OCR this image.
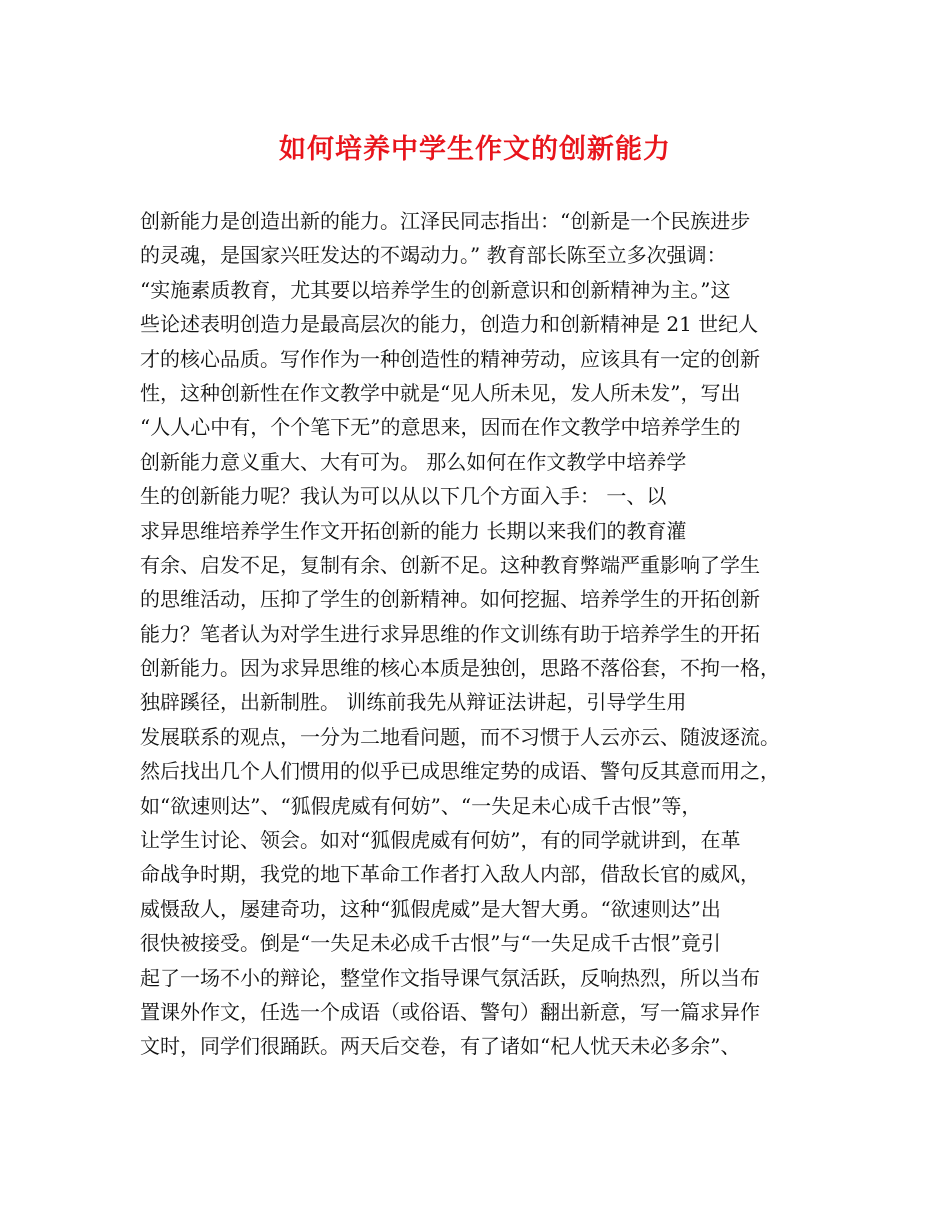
如何培养中学生作文的创新能力
创新能力是创造出新的能力。江泽民同志指出：“创新是一个民族进步
的灵魂，是国家兴旺发达的不竭动力。” 教育部长陈至立多次强调：
“实施素质教育，尤其要以培养学生的创新意识和创新精神为主。”这
些论述表明创造力是最高层次的能力，创造力和创新精神是 21 世纪人
才的核心品质。写作作为一种创造性的精神劳动，应该具有一定的创新
性，这种创新性在作文教学中就是“见人所未见，发人所未发”，写出
“人人心中有，个个笔下无”的意思来，因而在作文教学中培养学生的
创新能力意义重大、大有可为。 那么如何在作文教学中培养学
生的创新能力呢？我认为可以从以下几个方面入手： 一、以
求异思维培养学生作文开拓创新的能力 长期以来我们的教育灌
有余、启发不足，复制有余、创新不足。这种教育弊端严重影响了学生
的思维活动，压抑了学生的创新精神。如何挖掘、培养学生的开拓创新
能力？笔者认为对学生进行求异思维的作文训练有助于培养学生的开拓
创新能力。因为求异思维的核心本质是独创，思路不落俗套，不拘一格，
独辟蹊径，出新制胜。 训练前我先从辩证法讲起，引导学生用
发展联系的观点，一分为二地看问题，而不习惯于人云亦云、随波逐流。
然后找出几个人们惯用的似乎已成思维定势的成语、警句反其意而用之，
如“欲速则达”、“狐假虎威有何妨”、“一失足未心成千古恨”等，
让学生讨论、领会。如对“狐假虎威有何妨”，有的同学就讲到，在革
命战争时期，我党的地下革命工作者打入敌人内部，借敌长官的威风，
威慑敌人，屡建奇功，这种“狐假虎威”是大智大勇。“欲速则达”出
很快被接受。倒是“一失足未必成千古恨”与“一失足成千古恨”竟引
起了一场不小的辩论，整堂作文指导课气氛活跃，反响热烈，所以当布
置课外作文，任选一个成语（或俗语、警句）翻出新意，写一篇求异作
文时，同学们很踊跃。两天后交卷，有了诸如“杞人忧天未必多余”、
